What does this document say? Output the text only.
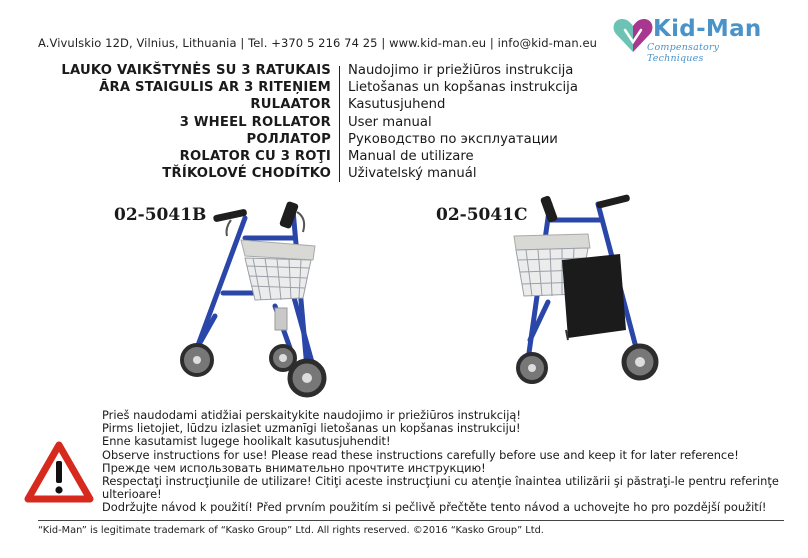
A.Vivulskio 12D, Vilnius, Lithuania | Tel. +370 5 216 74 25 | www.kid-man.eu | info@kid-man.eu
Kid-Man
Compensatory Techniques
LAUKO VAIKŠTYNĖS SU 3 RATUKAIS Naudojimo ir priežiūros instrukcija
ĀRA STAIGULIS AR 3 RITEŅIEM Lietošanas un kopšanas instrukcija
RULAATOR Kasutusjuhend
3 WHEEL ROLLATOR User manual
РОЛЛАТОР Руководство по эксплуатации
ROLATOR CU 3 ROŢI Manual de utilizare
TŘÍKOLOVÉ CHODÍTKO Uživatelský manuál
02-5041B	02-5041C
Prieš naudodami atidžiai perskaitykite naudojimo ir priežiūros instrukciją!
Pirms lietojiet, lūdzu izlasiet uzmanīgi lietošanas un kopšanas instrukciju!
Enne kasutamist lugege hoolikalt kasutusjuhendit!
Observe instructions for use! Please read these instructions carefully before use and keep it for later reference!
Прежде чем использовать внимательно прочтите инструкцию!
Respectaţi instrucţiunile de utilizare! Citiţi aceste instrucţiuni cu atenţie înaintea utilizării şi păstraţi-le pentru referinţe
ulterioare!
Dodržujte návod k použití! Před prvním použitím si pečlivě přečtěte tento návod a uchovejte ho pro pozdější použití!
“Kid-Man” is legitimate trademark of “Kasko Group” Ltd. All rights reserved. ©2016 “Kasko Group” Ltd.
